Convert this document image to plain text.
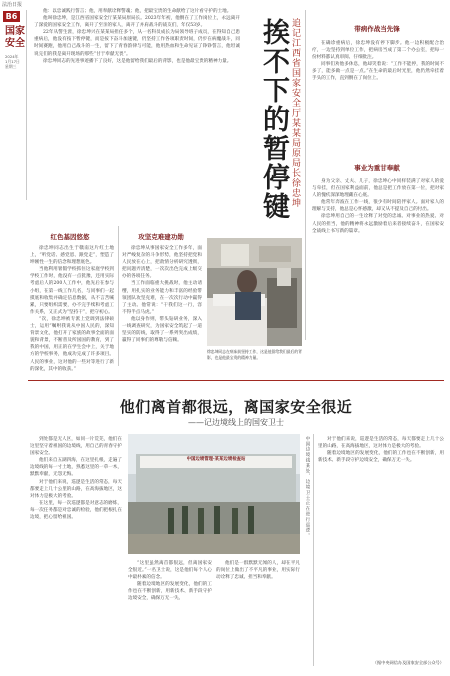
法治日报
B6
国家
安全
2024年
1月17日
星期三

他：以忠诚践行誓言；他，用奉献诠释警魂；他，把最宝贵的生命献给了这片看守护的土地。

他叫徐忠坤，是江西省国家安全厅某某局原局长。2023年年初，他倒在了工作岗位上，永远离开了深爱的国家安全工作，离开了至亲的家人，离开了并肩战斗的战友们，年仅53岁。

22年从警生涯，徐忠坤兴在某某局担任多个，从一名科员成长为局领导班子成员，在得知自己患重病后，他没有按下暂停键，而是按下奋斗加速键，仍坚持工作各项职责时间，仍步在病魔战斗，同时间赛跑，他用自己战斗的一生，留下了青春韵律与可能，他用热血和生命见证了铮铮誓言，他坦诚说完们的我是离开现场的那些“甘于奉献无畏”。

徐忠坤同志的先进事迹播下了良好，这是他留给我们最后的背影，也是他最宝贵的精神力量。 挨不下的暂停键 追记江西省国家安全厅某某局原局长徐忠坤	带病作战当先锋

在确诊重病后，徐忠坤没有停下脚步。他一边积极配合治疗，一边坚持到单位工作，把病房当成了第二个办公室，把每一份材料都认真审阅、仔细批注。

同事们劝他多休息，他却笑着说：“工作不能停，我的时间不多了，能多做一点是一点。”在生命的最后时光里，他仍然牵挂着手头的工作，直到倒在了岗位上。

事业为重甘奉献

身为父亲、丈夫、儿子，徐忠坤心中同样装满了对家人的爱与牵挂，但在国家利益面前，他总是把工作放在第一位，把对家人的愧疚深深地埋藏在心底。

他常年奔波在工作一线，很少有时间陪伴家人。面对家人的理解与支持，他总是心怀感激，却又从不提及自己的付出。

徐忠坤用自己的一生诠释了对党的忠诚、对事业的热爱、对人民的担当，他的精神将永远激励着后来者接续奋斗，在国家安全战线上书写新的篇章。

红色基因悠悠

徐忠坤同志出生于赣南这片红土地上，“听党话、感党恩、跟党走”，塑造了坤刚性一生的信念和理想底色。

当他利用暑假学校抓住这家庭学校到学校工作时，他没有一点犹豫，还用实际考虑后人的200人工作中，他先后在参与小组，在第一线工作几名，与同事们一起摸底和收集并确定信息数据，从不言苦喊累，只要组织需要，办不完手续和考虑工作关系，又正式为“坚持干”，把守初心。

“次，徐忠坤被专派上党调到法律硕士，运用“嘱咐我说从中国人民的，深知背景文化，他打开了家族的故事全面的面貌和背景，不断普及所国国的教育，到了我的中国，用正的在学生会中上，关于地方的学校事务，他成功完成了许多项目。人民的事业，这对他的一些对等进行了新的深化，其中的收获。”

攻坚克难建功勋

徐忠坤从事国家安全工作多年，面对严峻复杂的斗争形势，他坚持把党和人民放在心上，把敌情分析研究透彻，把问题弄清楚，一次次出色完成上级交办的各项任务。

当工作面临重大挑战时，他主动请缨，用扎实的业务能力和丰富的经验带领团队攻坚克难，在一次次行动中赢得了主动。他常说：“干我们这一行，容不得半点马虎。”

他以身作则，带头钻研业务，深入一线调查研究，为国家安全筑起了一道坚实的防线，取得了一系列突出成绩，赢得了同事们的尊敬与信赖。

徐忠坤同志在病床前坚持工作，这是他留给我们最后的背影，也是他最宝贵的精神力量。
他们离首都很远，离国家安全很近
——记边境线上的国安卫士

到处都是无人区，如同一片荒芜，他们在这里坚守着祖国的边境线，用自己的青春守护国家安全。

他们来自五湖四海，在这里扎根，走遍了边境线的每一寸土地，熟悉这里的一草一木，默默奉献，无怨无悔。

对于他们来说，巡逻是生活的常态，每天都要走上几十公里的山路，在高海拔地区，这对体力是极大的考验。

在这里，每一次巡逻都是对意志的磨炼，每一次任务都是对忠诚的检验，他们把根扎在边境，把心留给祖国。

中国边境管理·某某边境检查站	中国边境线某处，边境卫士正在进行巡逻。

“这里虽然离首都很远，但离国家安全很近。”一名卫士说，这是他们每个人心中最朴素的信念。

随着边境地区的发展变化，他们的工作也在不断创新，用新技术、新手段守护边境安全，确保万无一失。

他们是一群默默无闻的人，却在平凡的岗位上做出了不平凡的事业，用实际行动诠释了忠诚、担当和奉献。

对于他们来说，巡逻是生活的常态，每天都要走上几十公里的山路，在高海拔地区，这对体力是极大的考验。

随着边境地区的发展变化，他们的工作也在不断创新，用新技术、新手段守护边境安全，确保万无一失。

（据中央网信办及国家安全部公众号）
